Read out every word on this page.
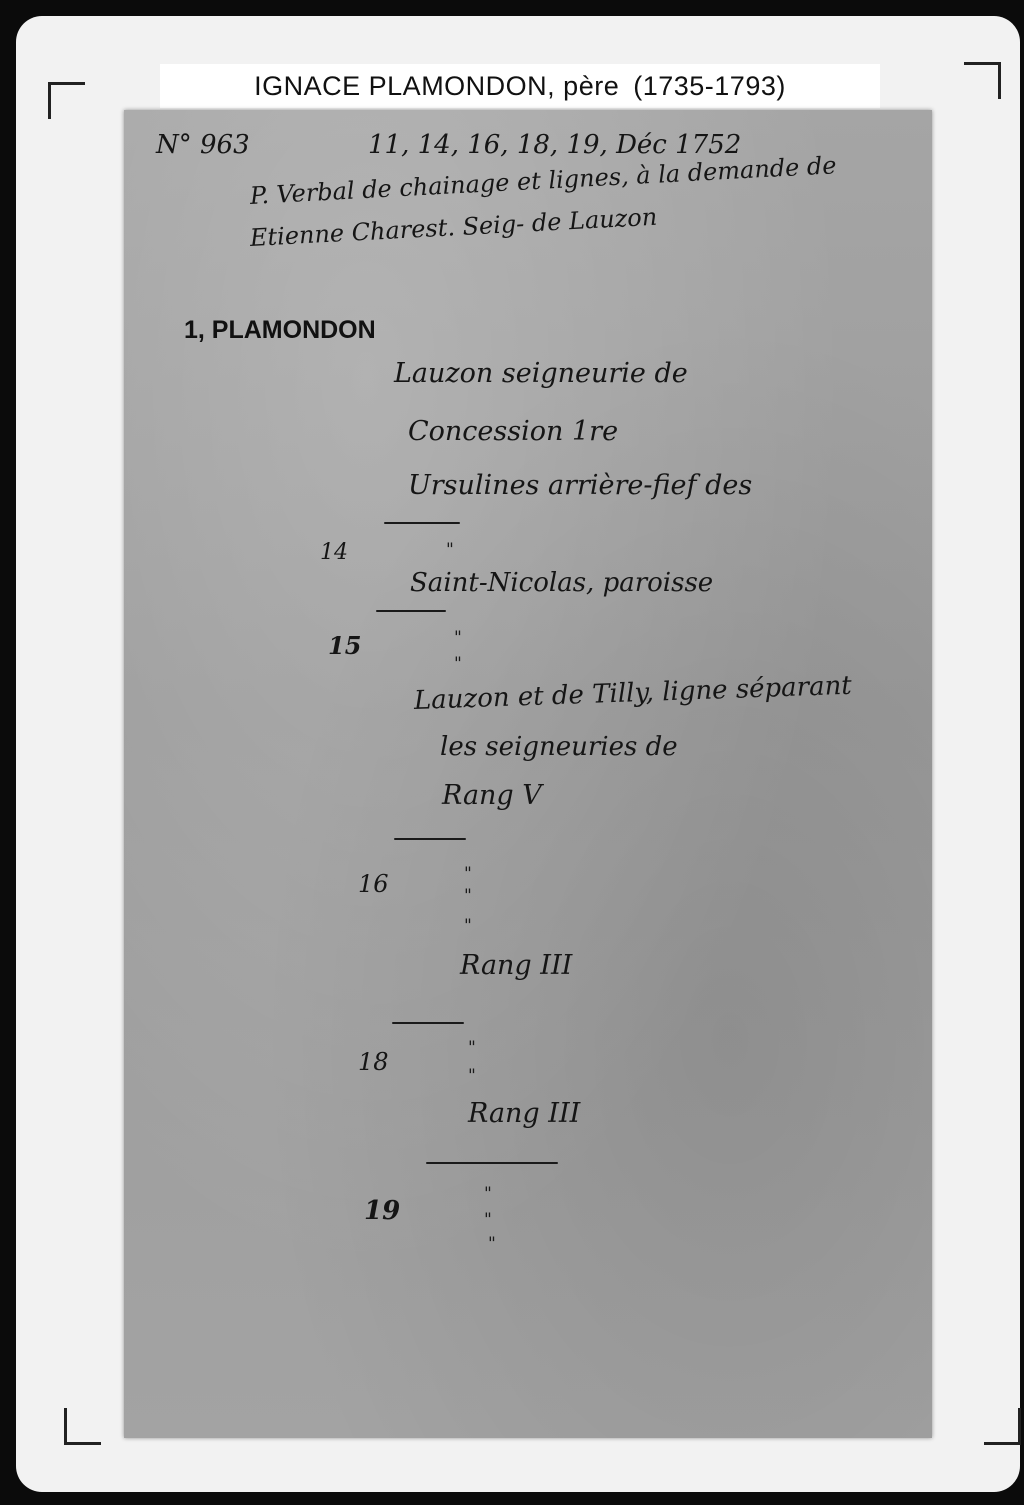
IGNACE PLAMONDON, père (1735-1793)
N° 963	11, 14, 16, 18, 19, Déc 1752
P. Verbal de chainage et lignes, à la demande de
Etienne Charest. Seig- de Lauzon
1, PLAMONDON
Lauzon seigneurie de
Concession 1re
Ursulines arrière-fief des
14	"
Saint-Nicolas, paroisse
15	"
"
Lauzon et de Tilly, ligne séparant
les seigneuries de
Rang V
16	"
"
"
Rang III
18	"
"
Rang III
19
"
"
"
